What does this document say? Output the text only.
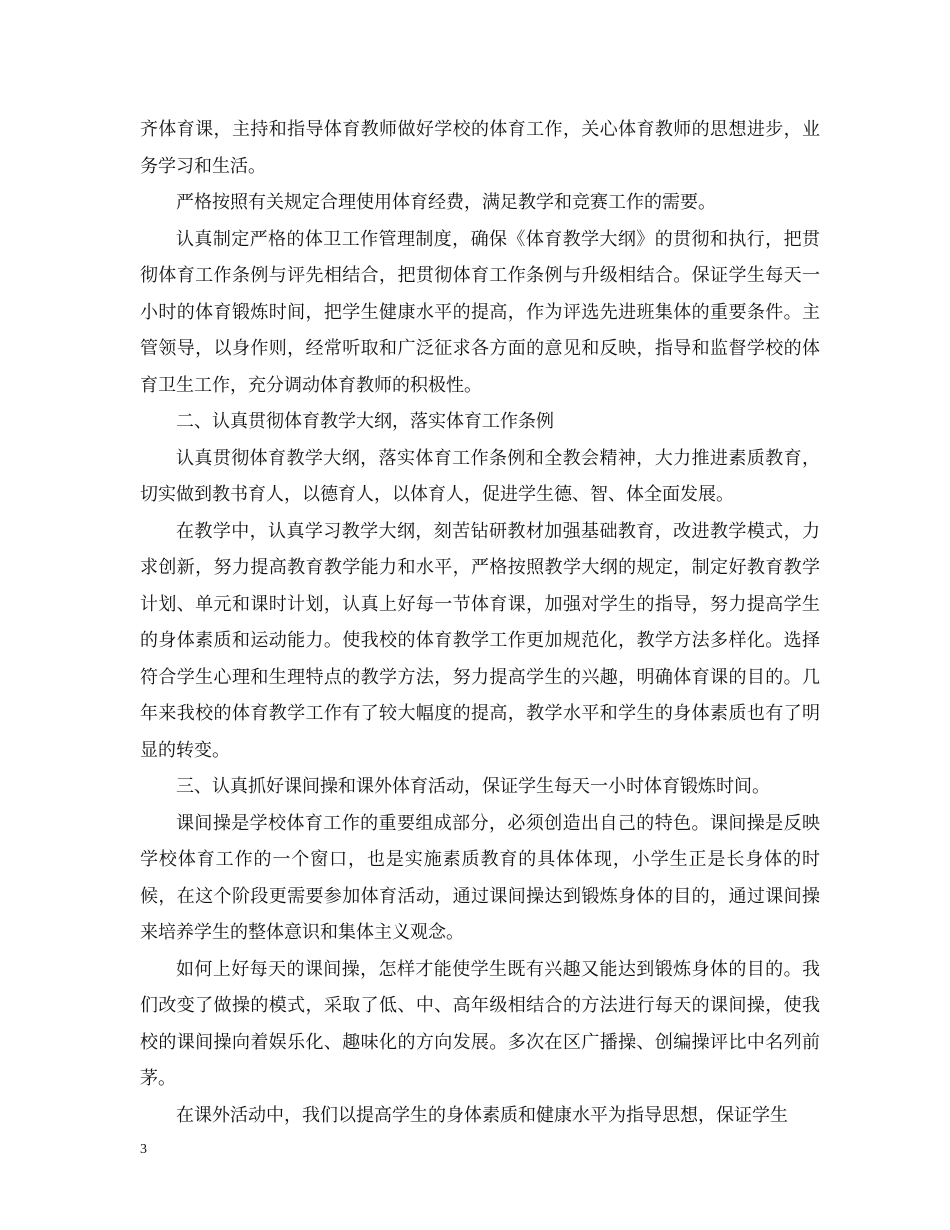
齐体育课，主持和指导体育教师做好学校的体育工作，关心体育教师的思想进步，业务学习和生活。

严格按照有关规定合理使用体育经费，满足教学和竞赛工作的需要。

认真制定严格的体卫工作管理制度，确保《体育教学大纲》的贯彻和执行，把贯彻体育工作条例与评先相结合，把贯彻体育工作条例与升级相结合。保证学生每天一小时的体育锻炼时间，把学生健康水平的提高，作为评选先进班集体的重要条件。主管领导，以身作则，经常听取和广泛征求各方面的意见和反映，指导和监督学校的体育卫生工作，充分调动体育教师的积极性。

二、认真贯彻体育教学大纲，落实体育工作条例

认真贯彻体育教学大纲，落实体育工作条例和全教会精神，大力推进素质教育，切实做到教书育人，以德育人，以体育人，促进学生德、智、体全面发展。

在教学中，认真学习教学大纲，刻苦钻研教材加强基础教育，改进教学模式，力求创新，努力提高教育教学能力和水平，严格按照教学大纲的规定，制定好教育教学计划、单元和课时计划，认真上好每一节体育课，加强对学生的指导，努力提高学生的身体素质和运动能力。使我校的体育教学工作更加规范化，教学方法多样化。选择符合学生心理和生理特点的教学方法，努力提高学生的兴趣，明确体育课的目的。几年来我校的体育教学工作有了较大幅度的提高，教学水平和学生的身体素质也有了明显的转变。

三、认真抓好课间操和课外体育活动，保证学生每天一小时体育锻炼时间。

课间操是学校体育工作的重要组成部分，必须创造出自己的特色。课间操是反映学校体育工作的一个窗口，也是实施素质教育的具体体现，小学生正是长身体的时候，在这个阶段更需要参加体育活动，通过课间操达到锻炼身体的目的，通过课间操来培养学生的整体意识和集体主义观念。

如何上好每天的课间操，怎样才能使学生既有兴趣又能达到锻炼身体的目的。我们改变了做操的模式，采取了低、中、高年级相结合的方法进行每天的课间操，使我校的课间操向着娱乐化、趣味化的方向发展。多次在区广播操、创编操评比中名列前茅。

在课外活动中，我们以提高学生的身体素质和健康水平为指导思想，保证学生

3
